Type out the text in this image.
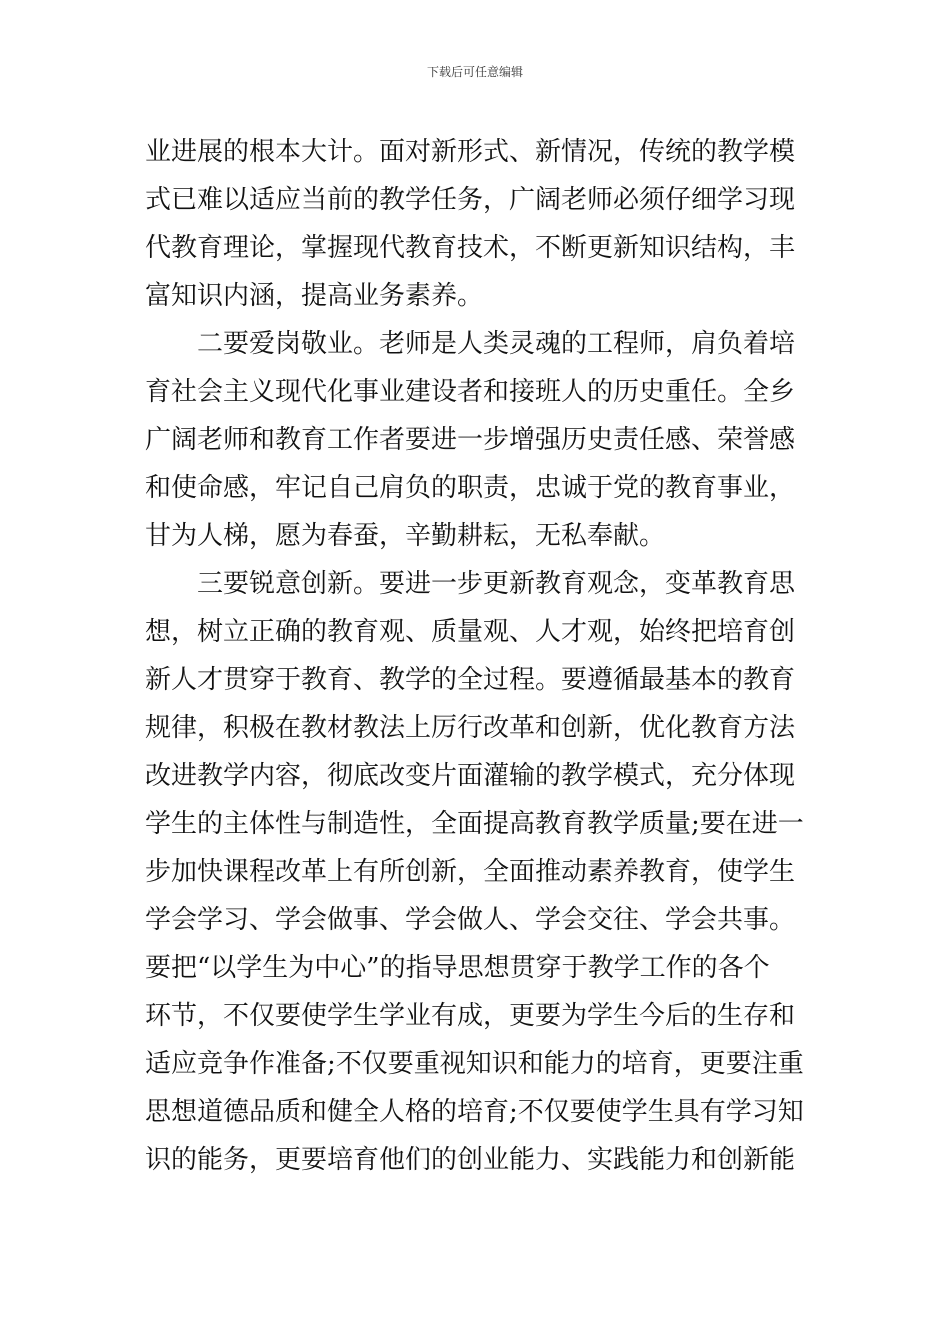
下载后可任意编辑
业进展的根本大计。面对新形式、新情况，传统的教学模
式已难以适应当前的教学任务，广阔老师必须仔细学习现
代教育理论，掌握现代教育技术，不断更新知识结构，丰
富知识内涵，提高业务素养。
二要爱岗敬业。老师是人类灵魂的工程师，肩负着培
育社会主义现代化事业建设者和接班人的历史重任。全乡
广阔老师和教育工作者要进一步增强历史责任感、荣誉感
和使命感，牢记自己肩负的职责，忠诚于党的教育事业，
甘为人梯，愿为春蚕，辛勤耕耘，无私奉献。
三要锐意创新。要进一步更新教育观念，变革教育思
想，树立正确的教育观、质量观、人才观，始终把培育创
新人才贯穿于教育、教学的全过程。要遵循最基本的教育
规律，积极在教材教法上厉行改革和创新，优化教育方法
改进教学内容，彻底改变片面灌输的教学模式，充分体现
学生的主体性与制造性，全面提高教育教学质量;要在进一
步加快课程改革上有所创新，全面推动素养教育，使学生
学会学习、学会做事、学会做人、学会交往、学会共事。
要把“以学生为中心”的指导思想贯穿于教学工作的各个
环节，不仅要使学生学业有成，更要为学生今后的生存和
适应竞争作准备;不仅要重视知识和能力的培育，更要注重
思想道德品质和健全人格的培育;不仅要使学生具有学习知
识的能务，更要培育他们的创业能力、实践能力和创新能
